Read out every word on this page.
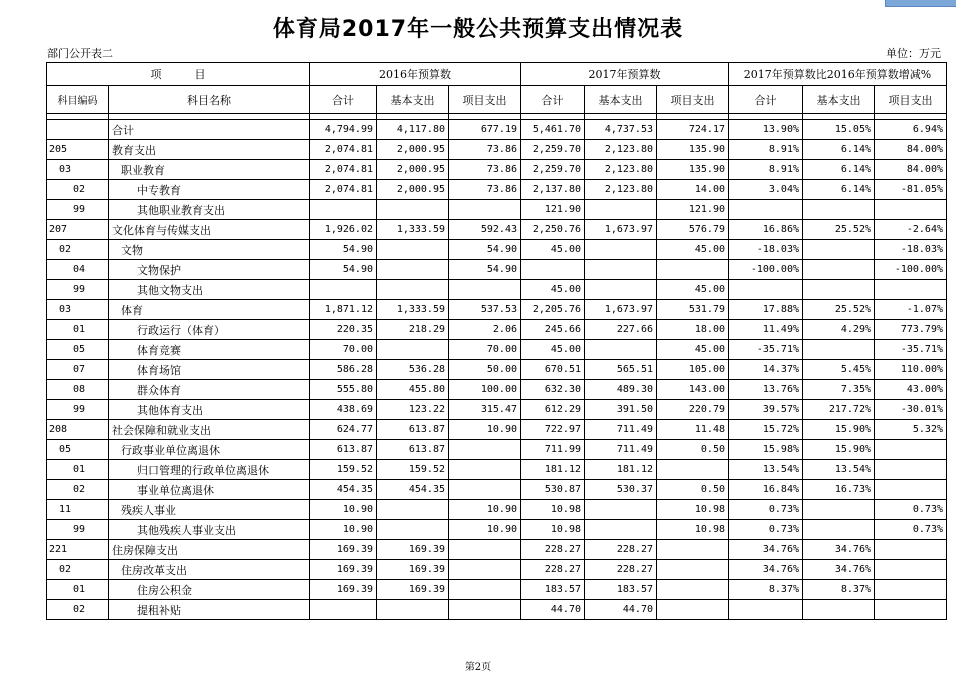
体育局2017年一般公共预算支出情况表
部门公开表二	单位：万元
项　　　目		2016年预算数			2017年预算数			2017年预算数比2016年预算数增减%		
科目编码	科目名称	合计	基本支出	项目支出	合计	基本支出	项目支出	合计	基本支出	项目支出

	合计	4,794.99	4,117.80	677.19	5,461.70	4,737.53	724.17	13.90%	15.05%	6.94%
205	教育支出	2,074.81	2,000.95	73.86	2,259.70	2,123.80	135.90	8.91%	6.14%	84.00%
03	职业教育	2,074.81	2,000.95	73.86	2,259.70	2,123.80	135.90	8.91%	6.14%	84.00%
02	中专教育	2,074.81	2,000.95	73.86	2,137.80	2,123.80	14.00	3.04%	6.14%	-81.05%
99	其他职业教育支出				121.90		121.90			
207	文化体育与传媒支出	1,926.02	1,333.59	592.43	2,250.76	1,673.97	576.79	16.86%	25.52%	-2.64%
02	文物	54.90		54.90	45.00		45.00	-18.03%		-18.03%
04	文物保护	54.90		54.90				-100.00%		-100.00%
99	其他文物支出				45.00		45.00			
03	体育	1,871.12	1,333.59	537.53	2,205.76	1,673.97	531.79	17.88%	25.52%	-1.07%
01	行政运行（体育）	220.35	218.29	2.06	245.66	227.66	18.00	11.49%	4.29%	773.79%
05	体育竞赛	70.00		70.00	45.00		45.00	-35.71%		-35.71%
07	体育场馆	586.28	536.28	50.00	670.51	565.51	105.00	14.37%	5.45%	110.00%
08	群众体育	555.80	455.80	100.00	632.30	489.30	143.00	13.76%	7.35%	43.00%
99	其他体育支出	438.69	123.22	315.47	612.29	391.50	220.79	39.57%	217.72%	-30.01%
208	社会保障和就业支出	624.77	613.87	10.90	722.97	711.49	11.48	15.72%	15.90%	5.32%
05	行政事业单位离退休	613.87	613.87		711.99	711.49	0.50	15.98%	15.90%	
01	归口管理的行政单位离退休	159.52	159.52		181.12	181.12		13.54%	13.54%	
02	事业单位离退休	454.35	454.35		530.87	530.37	0.50	16.84%	16.73%	
11	残疾人事业	10.90		10.90	10.98		10.98	0.73%		0.73%
99	其他残疾人事业支出	10.90		10.90	10.98		10.98	0.73%		0.73%
221	住房保障支出	169.39	169.39		228.27	228.27		34.76%	34.76%	
02	住房改革支出	169.39	169.39		228.27	228.27		34.76%	34.76%	
01	住房公积金	169.39	169.39		183.57	183.57		8.37%	8.37%	
02	提租补贴				44.70	44.70				
第2页
